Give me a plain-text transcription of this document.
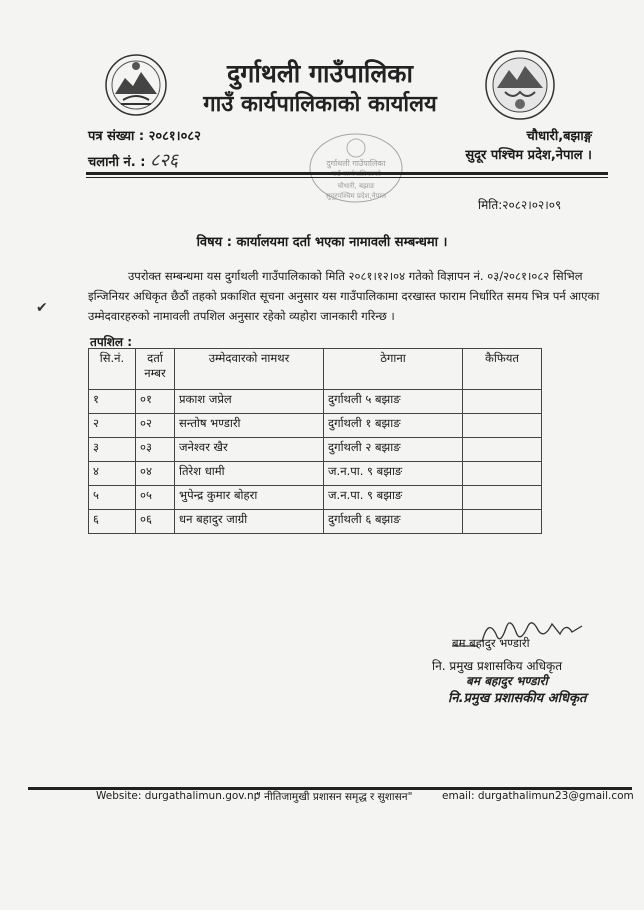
दुर्गाथली गाउँपालिका
गाउँ कार्यपालिकाको कार्यालय
पत्र संख्या : २०८१।०८२
चलानी नं. : ८२६
चौधारी,बझाङ्ग
सुदूर पश्चिम प्रदेश,नेपाल ।
दुर्गाथली गाउँपालिका
चौधारी, बझाङ
सुदूरपश्चिम प्रदेश,नेपाल
मिति:२०८२।०२।०९
विषय : कार्यालयमा दर्ता भएका नामावली सम्बन्धमा ।
✔
उपरोक्त सम्बन्धमा यस दुर्गाथली गाउँपालिकाको मिति २०८१।१२।०४ गतेको विज्ञापन नं. ०३/२०८१।०८२ सिभिल इन्जिनियर अधिकृत छैठौं तहको प्रकाशित सूचना अनुसार यस गाउँपालिकामा दरखास्त फाराम निर्धारित समय भित्र पर्न आएका उम्मेदवारहरुको नामावली तपशिल अनुसार रहेको व्यहोरा जानकारी गरिन्छ ।
तपशिल :
सि.नं.	दर्ता नम्बर	उम्मेदवारको नामथर	ठेगाना	कैफियत
१	०१	प्रकाश जप्रेल	दुर्गाथली ५ बझाङ	
२	०२	सन्तोष भण्डारी	दुर्गाथली १ बझाङ	
३	०३	जनेश्वर खैर	दुर्गाथली २ बझाङ	
४	०४	तिरेश धामी	ज.न.पा. ९ बझाङ	
५	०५	भुपेन्द्र कुमार बोहरा	ज.न.पा. ९ बझाङ	
६	०६	धन बहादुर जाग्री	दुर्गाथली ६ बझाङ	
बम बहादुर भण्डारी
नि. प्रमुख प्रशासकिय अधिकृत
बम बहादुर भण्डारी
नि.प्रमुख प्रशासकीय अधिकृत
Website: durgathalimun.gov.np
" नीतिजामुखी प्रशासन समृद्ध र सुशासन"	email: durgathalimun23@gmail.com
